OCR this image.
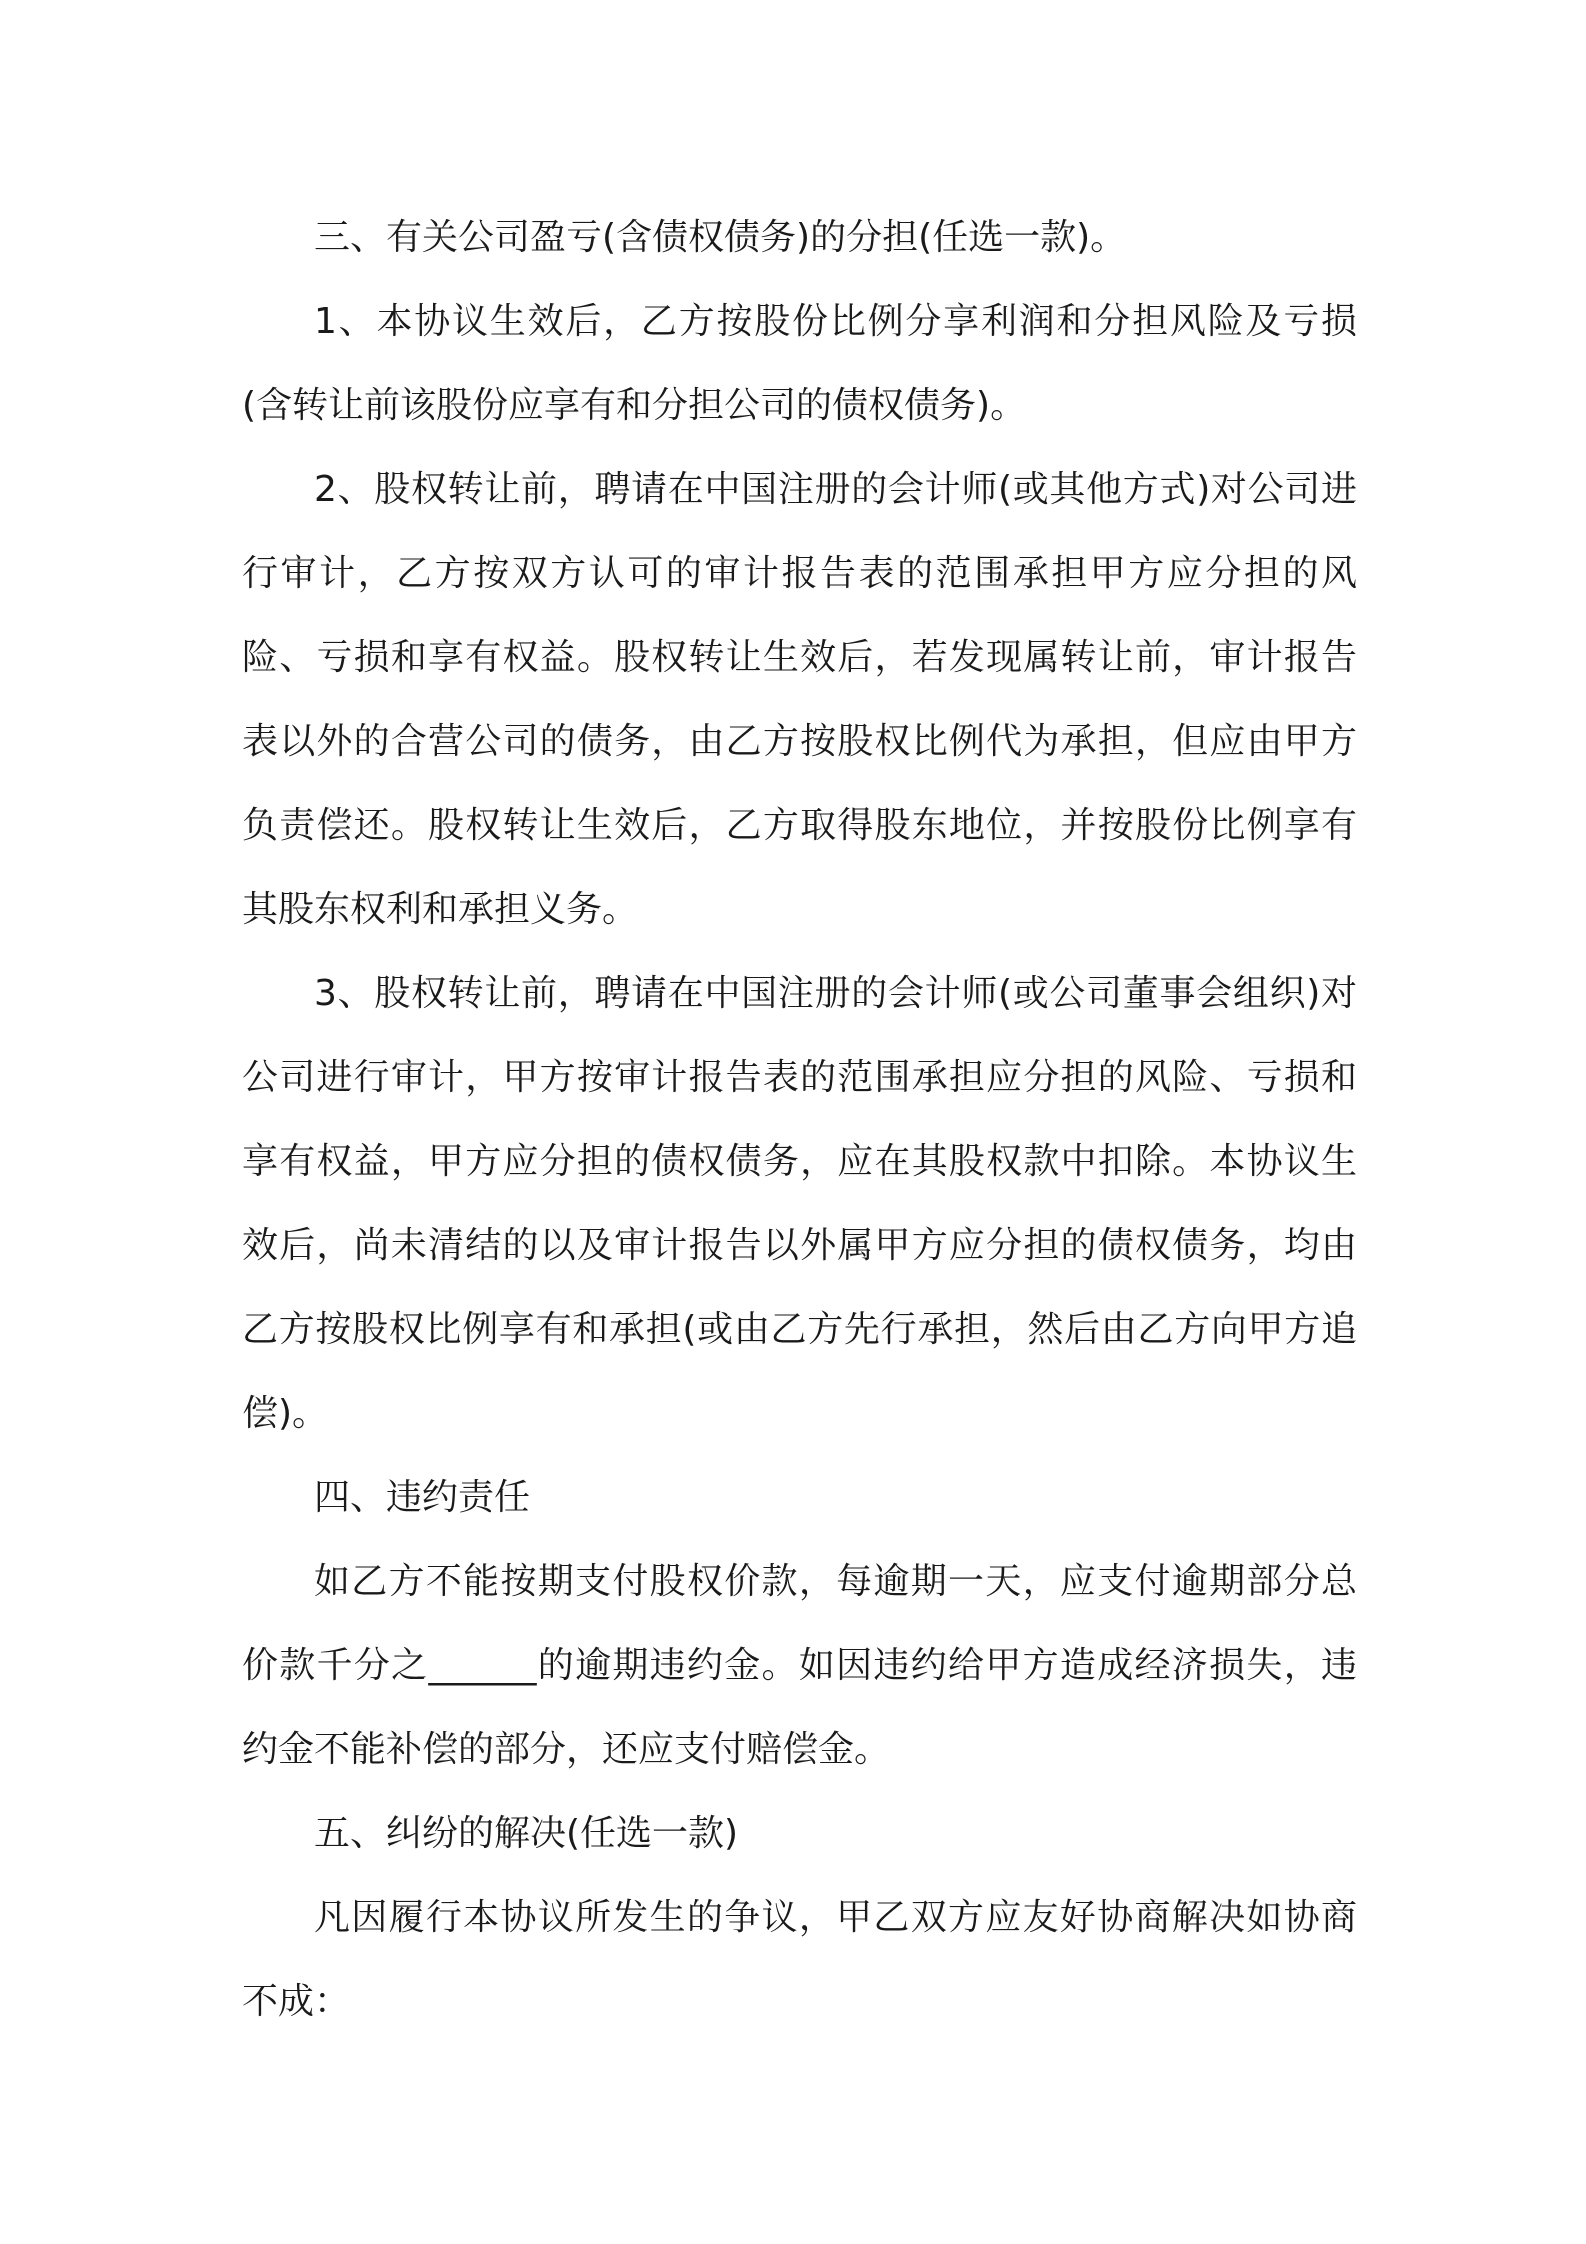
三、有关公司盈亏(含债权债务)的分担(任选一款)。

1、本协议生效后，乙方按股份比例分享利润和分担风险及亏损(含转让前该股份应享有和分担公司的债权债务)。

2、股权转让前，聘请在中国注册的会计师(或其他方式)对公司进行审计，乙方按双方认可的审计报告表的范围承担甲方应分担的风险、亏损和享有权益。股权转让生效后，若发现属转让前，审计报告表以外的合营公司的债务，由乙方按股权比例代为承担，但应由甲方负责偿还。股权转让生效后，乙方取得股东地位，并按股份比例享有其股东权利和承担义务。

3、股权转让前，聘请在中国注册的会计师(或公司董事会组织)对公司进行审计，甲方按审计报告表的范围承担应分担的风险、亏损和享有权益，甲方应分担的债权债务，应在其股权款中扣除。本协议生效后，尚未清结的以及审计报告以外属甲方应分担的债权债务，均由乙方按股权比例享有和承担(或由乙方先行承担，然后由乙方向甲方追偿)。

四、违约责任

如乙方不能按期支付股权价款，每逾期一天，应支付逾期部分总价款千分之______的逾期违约金。如因违约给甲方造成经济损失，违约金不能补偿的部分，还应支付赔偿金。

五、纠纷的解决(任选一款)

凡因履行本协议所发生的争议，甲乙双方应友好协商解决如协商不成：
